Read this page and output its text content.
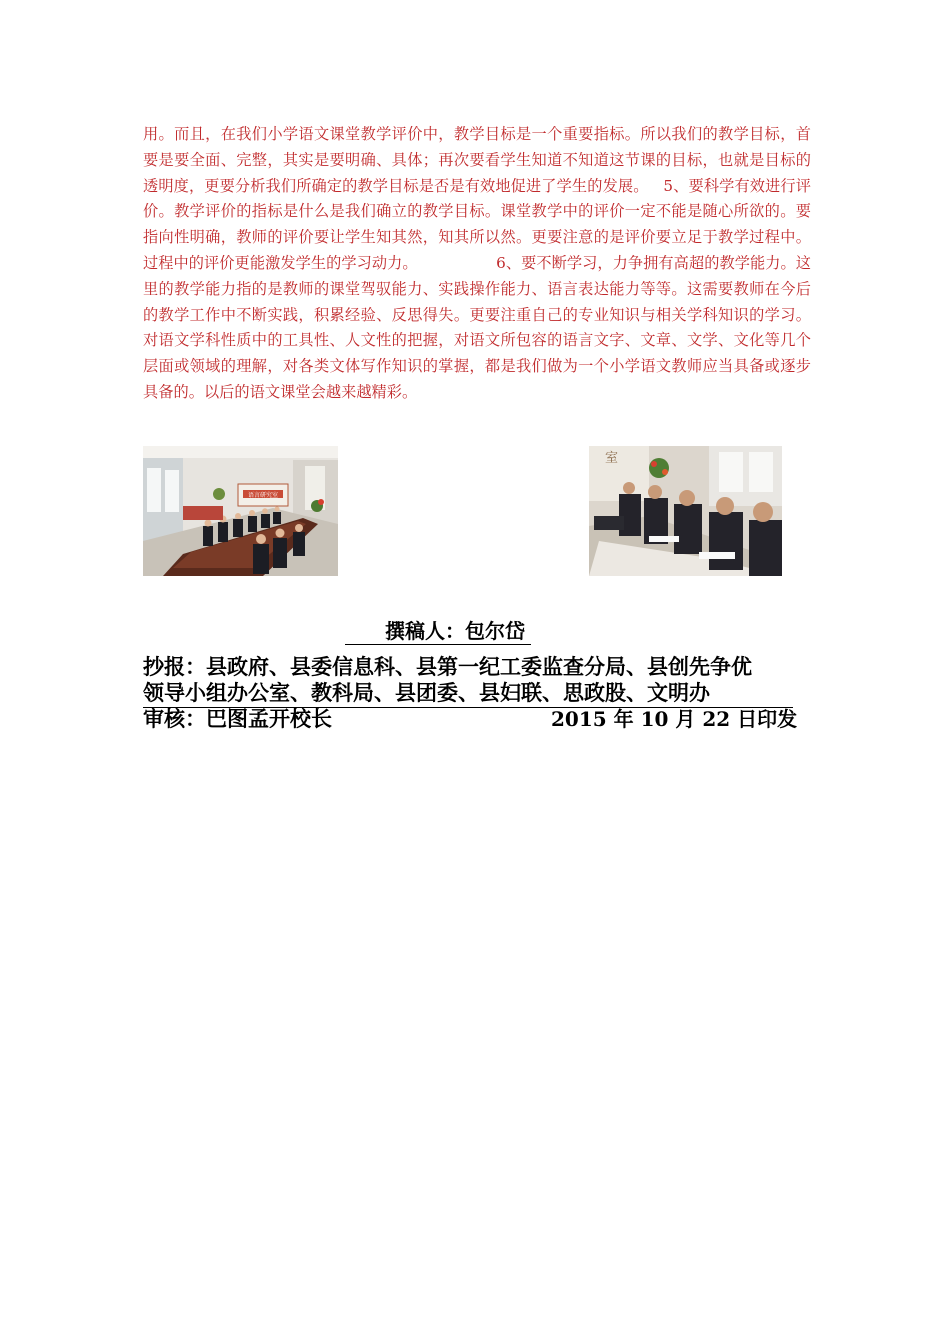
用。而且，在我们小学语文课堂教学评价中，教学目标是一个重要指标。所以我们的教学目标，首要是要全面、完整，其实是要明确、具体；再次要看学生知道不知道这节课的目标，也就是目标的透明度，更要分析我们所确定的教学目标是否是有效地促进了学生的发展。   5、要科学有效进行评价。教学评价的指标是什么是我们确立的教学目标。课堂教学中的评价一定不能是随心所欲的。要指向性明确，教师的评价要让学生知其然，知其所以然。更要注意的是评价要立足于教学过程中。过程中的评价更能激发学生的学习动力。                6、要不断学习，力争拥有高超的教学能力。这里的教学能力指的是教师的课堂驾驭能力、实践操作能力、语言表达能力等等。这需要教师在今后的教学工作中不断实践，积累经验、反思得失。更要注重自己的专业知识与相关学科知识的学习。对语文学科性质中的工具性、人文性的把握，对语文所包容的语言文字、文章、文学、文化等几个层面或领域的理解，对各类文体写作知识的掌握，都是我们做为一个小学语文教师应当具备或逐步具备的。以后的语文课堂会越来越精彩。
语言研究室
室
撰稿人：包尔岱
抄报：县政府、县委信息科、县第一纪工委监查分局、县创先争优
领导小组办公室、教科局、县团委、县妇联、思政股、文明办
审核：巴图孟开校长	2015 年 10 月 22 日印发
